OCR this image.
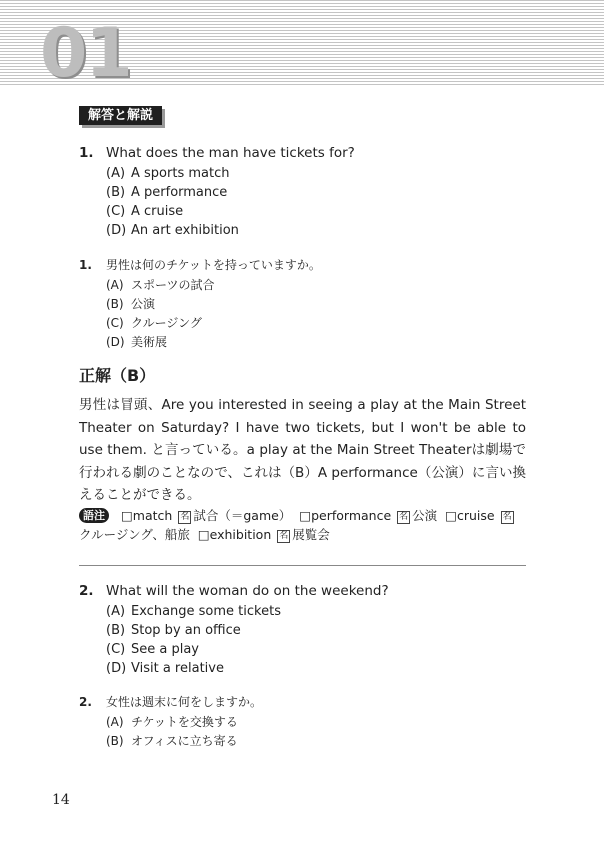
01
解答と解説
1. What does the man have tickets for?
(A) A sports match
(B) A performance
(C) A cruise
(D) An art exhibition
1. 男性は何のチケットを持っていますか。
(A) スポーツの試合
(B) 公演
(C) クルージング
(D) 美術展
正解（B）
男性は冒頭、Are you interested in seeing a play at the Main Street Theater on Saturday? I have two tickets, but I won't be able to use them. と言っている。a play at the Main Street Theaterは劇場で行われる劇のことなので、これは（B）A performance（公演）に言い換えることができる。
語注 □match 名 試合（＝game） □performance 名 公演 □cruise 名クルージング、船旅 □exhibition 名 展覧会
2. What will the woman do on the weekend?
(A) Exchange some tickets
(B) Stop by an office
(C) See a play
(D) Visit a relative
2. 女性は週末に何をしますか。
(A) チケットを交換する
(B) オフィスに立ち寄る
14
